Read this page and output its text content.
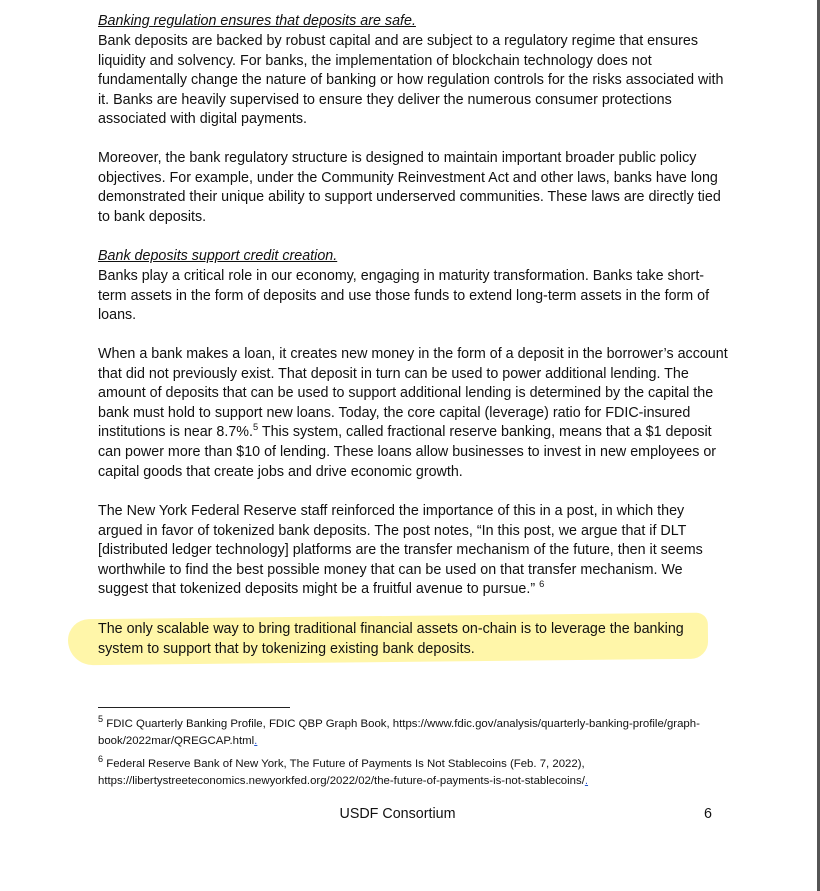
Banking regulation ensures that deposits are safe.

Bank deposits are backed by robust capital and are subject to a regulatory regime that ensures liquidity and solvency. For banks, the implementation of blockchain technology does not fundamentally change the nature of banking or how regulation controls for the risks associated with it. Banks are heavily supervised to ensure they deliver the numerous consumer protections associated with digital payments.

Moreover, the bank regulatory structure is designed to maintain important broader public policy objectives. For example, under the Community Reinvestment Act and other laws, banks have long demonstrated their unique ability to support underserved communities. These laws are directly tied to bank deposits.

Bank deposits support credit creation.

Banks play a critical role in our economy, engaging in maturity transformation. Banks take short-term assets in the form of deposits and use those funds to extend long-term assets in the form of loans.

When a bank makes a loan, it creates new money in the form of a deposit in the borrower’s account that did not previously exist. That deposit in turn can be used to power additional lending. The amount of deposits that can be used to support additional lending is determined by the capital the bank must hold to support new loans. Today, the core capital (leverage) ratio for FDIC-insured institutions is near 8.7%.$^5$ This system, called fractional reserve banking, means that a $1 deposit can power more than $10 of lending. These loans allow businesses to invest in new employees or capital goods that create jobs and drive economic growth.

The New York Federal Reserve staff reinforced the importance of this in a post, in which they argued in favor of tokenized bank deposits. The post notes, “In this post, we argue that if DLT [distributed ledger technology] platforms are the transfer mechanism of the future, then it seems worthwhile to find the best possible money that can be used on that transfer mechanism. We suggest that tokenized deposits might be a fruitful avenue to pursue.” $^6$

The only scalable way to bring traditional financial assets on-chain is to leverage the banking system to support that by tokenizing existing bank deposits.

$^5$ FDIC Quarterly Banking Profile, FDIC QBP Graph Book, https://www.fdic.gov/analysis/quarterly-banking-profile/graph-book/2022mar/QREGCAP.html.

$^6$ Federal Reserve Bank of New York, The Future of Payments Is Not Stablecoins (Feb. 7, 2022), https://libertystreeteconomics.newyorkfed.org/2022/02/the-future-of-payments-is-not-stablecoins/.

USDF Consortium	6
